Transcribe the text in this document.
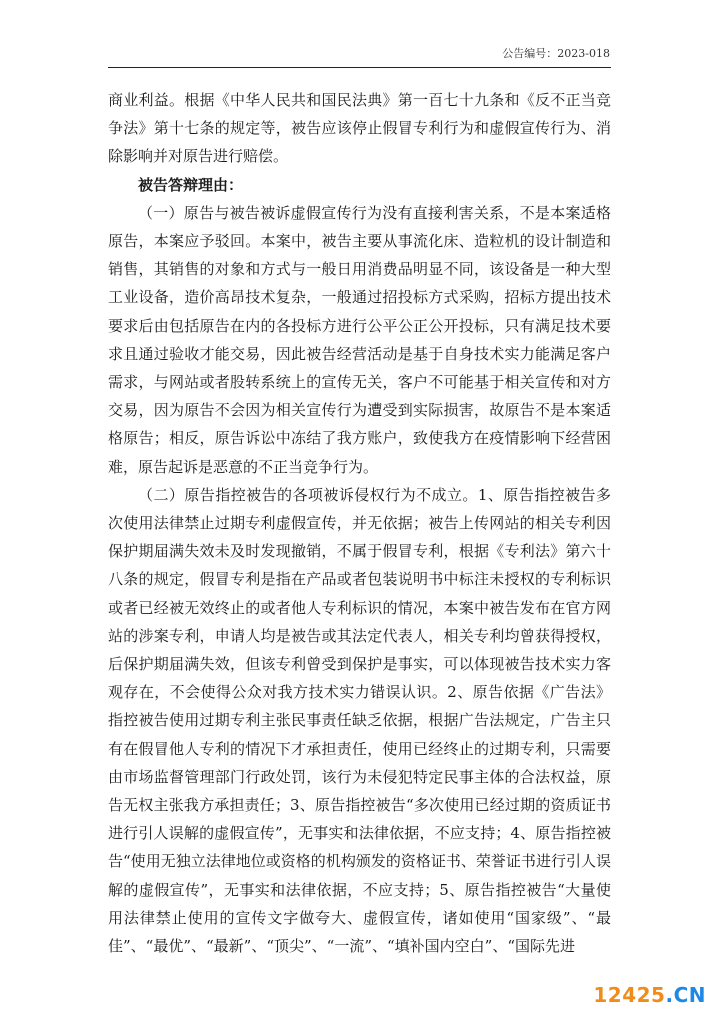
公告编号：2023-018

商业利益。根据《中华人民共和国民法典》第一百七十九条和《反不正当竞争法》第十七条的规定等，被告应该停止假冒专利行为和虚假宣传行为、消除影响并对原告进行赔偿。

被告答辩理由：

（一）原告与被告被诉虚假宣传行为没有直接利害关系，不是本案适格原告，本案应予驳回。本案中，被告主要从事流化床、造粒机的设计制造和销售，其销售的对象和方式与一般日用消费品明显不同，该设备是一种大型工业设备，造价高昂技术复杂，一般通过招投标方式采购，招标方提出技术要求后由包括原告在内的各投标方进行公平公正公开投标，只有满足技术要求且通过验收才能交易，因此被告经营活动是基于自身技术实力能满足客户需求，与网站或者股转系统上的宣传无关，客户不可能基于相关宣传和对方交易，因为原告不会因为相关宣传行为遭受到实际损害，故原告不是本案适格原告；相反，原告诉讼中冻结了我方账户，致使我方在疫情影响下经营困难，原告起诉是恶意的不正当竞争行为。

（二）原告指控被告的各项被诉侵权行为不成立。1、原告指控被告多次使用法律禁止过期专利虚假宣传，并无依据；被告上传网站的相关专利因保护期届满失效未及时发现撤销，不属于假冒专利，根据《专利法》第六十八条的规定，假冒专利是指在产品或者包装说明书中标注未授权的专利标识或者已经被无效终止的或者他人专利标识的情况，本案中被告发布在官方网站的涉案专利，申请人均是被告或其法定代表人，相关专利均曾获得授权，后保护期届满失效，但该专利曾受到保护是事实，可以体现被告技术实力客观存在，不会使得公众对我方技术实力错误认识。2、原告依据《广告法》指控被告使用过期专利主张民事责任缺乏依据，根据广告法规定，广告主只有在假冒他人专利的情况下才承担责任，使用已经终止的过期专利，只需要由市场监督管理部门行政处罚，该行为未侵犯特定民事主体的合法权益，原告无权主张我方承担责任；3、原告指控被告“多次使用已经过期的资质证书进行引人误解的虚假宣传”，无事实和法律依据，不应支持；4、原告指控被告“使用无独立法律地位或资格的机构颁发的资格证书、荣誉证书进行引人误解的虚假宣传”，无事实和法律依据，不应支持；5、原告指控被告“大量使用法律禁止使用的宣传文字做夸大、虚假宣传，诸如使用“国家级”、“最佳”、“最优”、“最新”、“顶尖”、“一流”、“填补国内空白”、“国际先进

12425.CN
